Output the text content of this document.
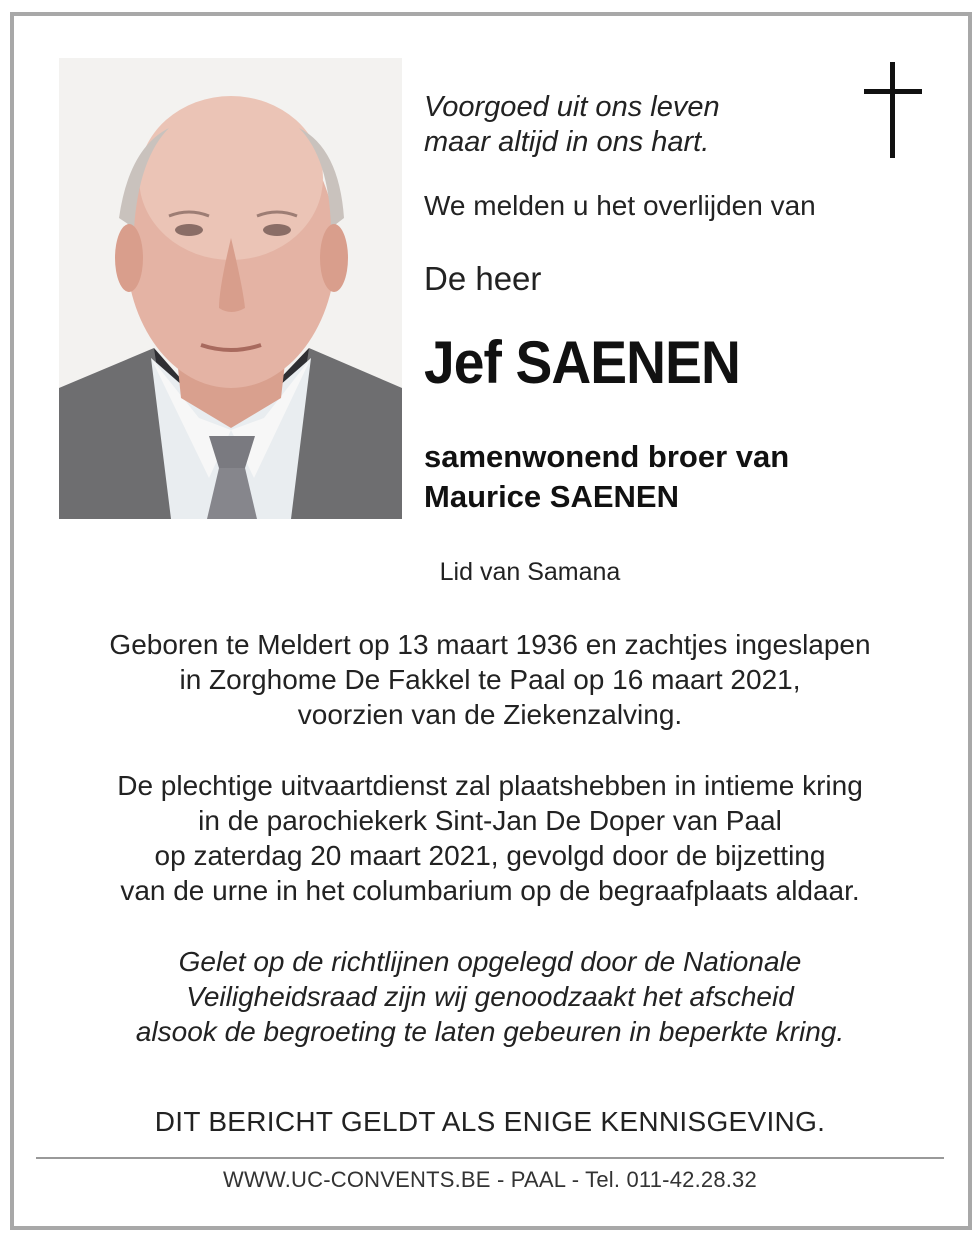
Voorgoed uit ons leven
maar altijd in ons hart.
We melden u het overlijden van
De heer
Jef SAENEN
samenwonend broer van
Maurice SAENEN
Lid van Samana
Geboren te Meldert op 13 maart 1936 en zachtjes ingeslapen
in Zorghome De Fakkel te Paal op 16 maart 2021,
voorzien van de Ziekenzalving.
De plechtige uitvaartdienst zal plaatshebben in intieme kring
in de parochiekerk Sint-Jan De Doper van Paal
op zaterdag 20 maart 2021, gevolgd door de bijzetting
van de urne in het columbarium op de begraafplaats aldaar.
Gelet op de richtlijnen opgelegd door de Nationale
Veiligheidsraad zijn wij genoodzaakt het afscheid
alsook de begroeting te laten gebeuren in beperkte kring.
DIT BERICHT GELDT ALS ENIGE KENNISGEVING.
WWW.UC-CONVENTS.BE - PAAL - Tel. 011-42.28.32
